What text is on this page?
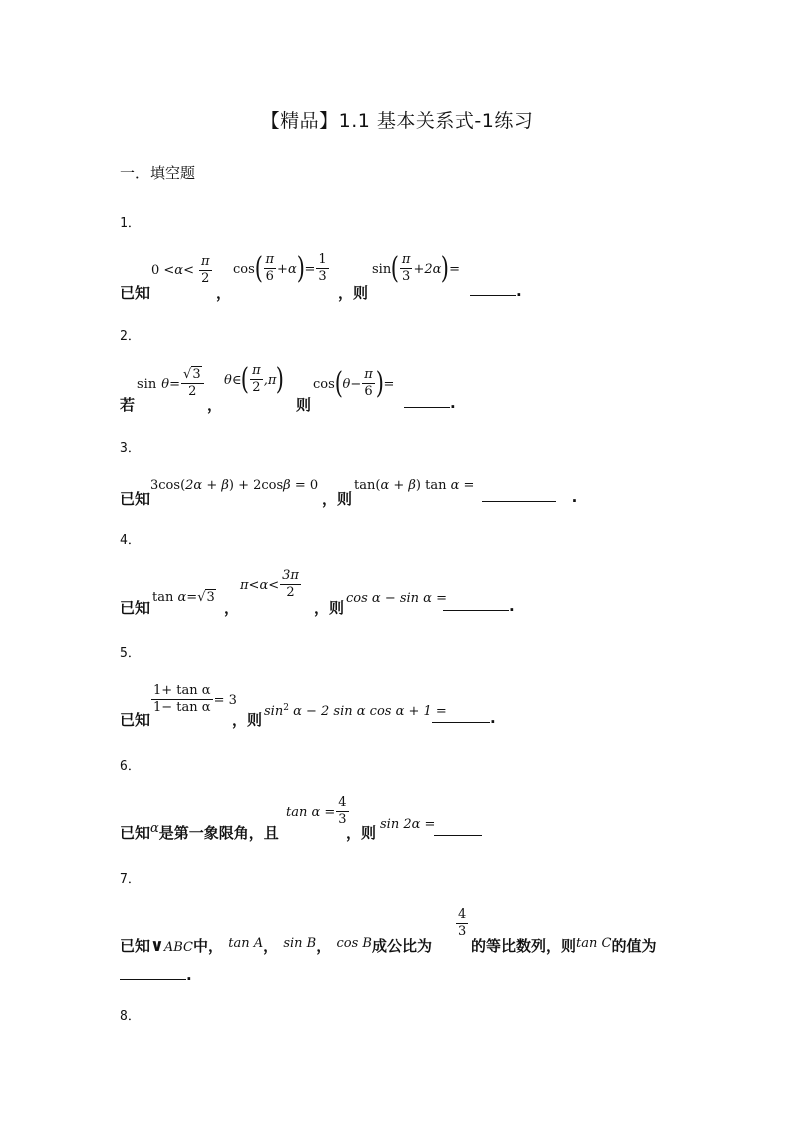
【精品】1.1 基本关系式-1练习
一．填空题
1．
已知
$0 <\alpha< \frac{\pi}{2}$
，
$\cos( \frac{\pi}{6} +\alpha)= \frac{1}{3}$
，则
$\sin( \frac{\pi}{3} +2\alpha)=$
.
2．
若
$\sin \theta= \frac{√3}{2}$
，
θ∈( $\frac{\pi}{2} ,\pi$)
则
$\cos(\theta- \frac{\pi}{6}$ )=
.
3．
已知
3cos(2α + β) + 2cosβ = 0
，则
tan(α + β) tan α =
.
4．
已知
tan α=√3
，
$\pi<\alpha< \frac{3\pi}{2}$
，则
cos α − sin α =	.
5．
已知
$\frac{\text{1+ tan α}}{\text{1− tan α}} = 3$
，则 $\sin^2 \alpha - 2$ sin α cos α + 1 =	.
6．
已知α是第一象限角，且
$\tan \alpha = \frac{4}{3}$
，则 sin 2α =
7．
已知∨ABC中， tan A， sin B， cos B成公比为
$\frac{4}{3}$
的等比数列，则tan C的值为
.
8．
